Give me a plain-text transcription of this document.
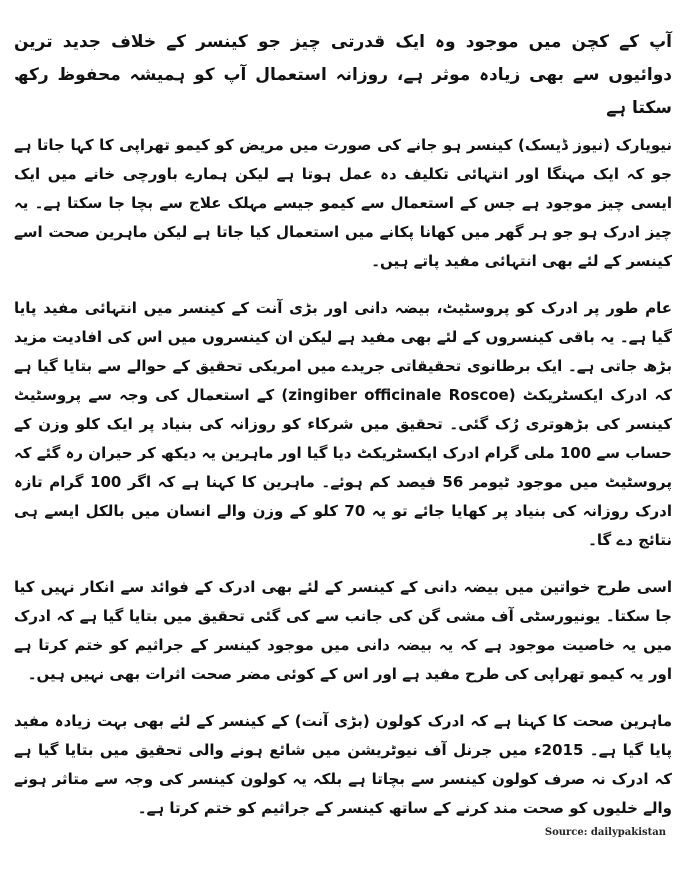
آپ کے کچن میں موجود وہ ایک قدرتی چیز جو کینسر کے خلاف جدید ترین دوائیوں سے بھی زیادہ موثر ہے، روزانہ استعمال آپ کو ہمیشہ محفوظ رکھ سکتا ہے

نیویارک (نیوز ڈیسک) کینسر ہو جانے کی صورت میں مریض کو کیمو تھراپی کا کہا جاتا ہے جو کہ ایک مہنگا اور انتہائی تکلیف دہ عمل ہوتا ہے لیکن ہمارے باورچی خانے میں ایک ایسی چیز موجود ہے جس کے استعمال سے کیمو جیسے مہلک علاج سے بچا جا سکتا ہے۔ یہ چیز ادرک ہو جو ہر گھر میں کھانا پکانے میں استعمال کیا جاتا ہے لیکن ماہرین صحت اسے کینسر کے لئے بھی انتہائی مفید پاتے ہیں۔

عام طور پر ادرک کو پروسٹیٹ، بیضہ دانی اور بڑی آنت کے کینسر میں انتہائی مفید پایا گیا ہے۔ یہ باقی کینسروں کے لئے بھی مفید ہے لیکن ان کینسروں میں اس کی افادیت مزید بڑھ جاتی ہے۔ ایک برطانوی تحقیقاتی جریدے میں امریکی تحقیق کے حوالے سے بتایا گیا ہے کہ ادرک ایکسٹریکٹ (zingiber officinale Roscoe) کے استعمال کی وجہ سے پروسٹیٹ کینسر کی بڑھوتری رُک گئی۔ تحقیق میں شرکاء کو روزانہ کی بنیاد پر ایک کلو وزن کے حساب سے 100 ملی گرام ادرک ایکسٹریکٹ دیا گیا اور ماہرین یہ دیکھ کر حیران رہ گئے کہ پروسٹیٹ میں موجود ٹیومر 56 فیصد کم ہوئے۔ ماہرین کا کہنا ہے کہ اگر 100 گرام تازہ ادرک روزانہ کی بنیاد پر کھایا جائے تو یہ 70 کلو کے وزن والے انسان میں بالکل ایسے ہی نتائج دے گا۔

اسی طرح خواتین میں بیضہ دانی کے کینسر کے لئے بھی ادرک کے فوائد سے انکار نہیں کیا جا سکتا۔ یونیورسٹی آف مشی گن کی جانب سے کی گئی تحقیق میں بتایا گیا ہے کہ ادرک میں یہ خاصیت موجود ہے کہ یہ بیضہ دانی میں موجود کینسر کے جراثیم کو ختم کرتا ہے اور یہ کیمو تھراپی کی طرح مفید ہے اور اس کے کوئی مضر صحت اثرات بھی نہیں ہیں۔

ماہرین صحت کا کہنا ہے کہ ادرک کولون (بڑی آنت) کے کینسر کے لئے بھی بہت زیادہ مفید پایا گیا ہے۔ 2015ء میں جرنل آف نیوٹریشن میں شائع ہونے والی تحقیق میں بتایا گیا ہے کہ ادرک نہ صرف کولون کینسر سے بچاتا ہے بلکہ یہ کولون کینسر کی وجہ سے متاثر ہونے والے خلیوں کو صحت مند کرنے کے ساتھ کینسر کے جراثیم کو ختم کرتا ہے۔

Source: dailypakistan
